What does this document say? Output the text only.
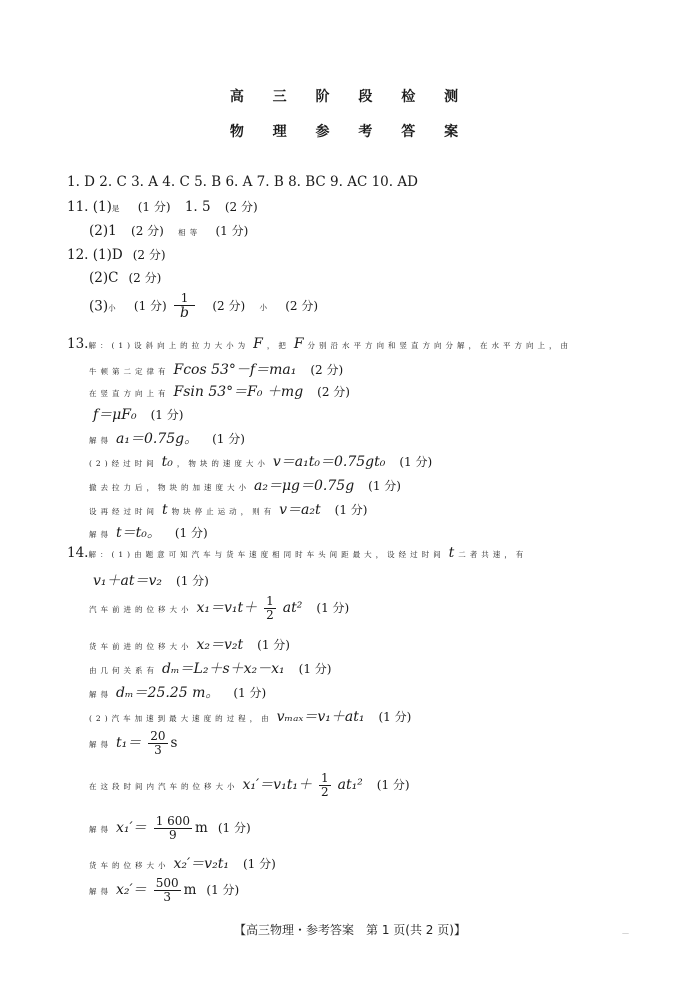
高 三 阶 段 检 测
物 理 参 考 答 案
1. D 2. C 3. A 4. C 5. B 6. A 7. B 8. BC 9. AC 10. AD
11. (1)是 (1 分) 1. 5 (2 分)
(2)1 (2 分) 相等 (1 分)
12. (1)D (2 分)
(2)C (2 分)
(3)小 (1 分) $\frac{1}{b} (2$ 分) 小 (2 分)
13.解：(1)设斜向上的拉力大小为 F ，把 F 分别沿水平方向和竖直方向分解，在水平方向上，由
牛顿第二定律有 Fcos 53°－f＝ma₁ (2 分)
在竖直方向上有 Fsin 53°＝F₀ ＋mg (2 分)
f＝μF₀ (1 分)
解得 a₁＝0.75g。 (1 分)
(2)经过时间 t₀ ，物块的速度大小 v＝a₁t₀＝0.75gt₀ (1 分)
撤去拉力后，物块的加速度大小 a₂＝μg＝0.75g (1 分)
设再经过时间 t 物块停止运动，则有 v＝a₂t (1 分)
解得 t＝t₀。 (1 分)
14.解：(1)由题意可知汽车与货车速度相同时车头间距最大，设经过时间 t 二者共速，有
v₁＋at＝v₂ (1 分)
汽车前进的位移大小 $x_1=v_1t+ \frac{1}{2} at^2$ (1 分)
货车前进的位移大小 x₂＝v₂t (1 分)
由几何关系有 dₘ＝L₂＋s＋x₂－x₁ (1 分)
解得 dₘ＝25.25 m。 (1 分)
(2)汽车加速到最大速度的过程，由 vₘₐₓ＝v₁＋at₁ (1 分)
解得 $t_1= \frac{20}{3}$ s
在这段时间内汽车的位移大小 $x_1'=v_1t_1+ \frac{1}{2} at_1^2$ (1 分)
解得 $x_1'= \frac{1 600}{9}$ m (1 分)
货车的位移大小 x₂′＝v₂t₁ (1 分)
解得 $x_2'= \frac{500}{3}$ m (1 分)
【高三物理・参考答案　第 1 页(共 2 页)】	—
